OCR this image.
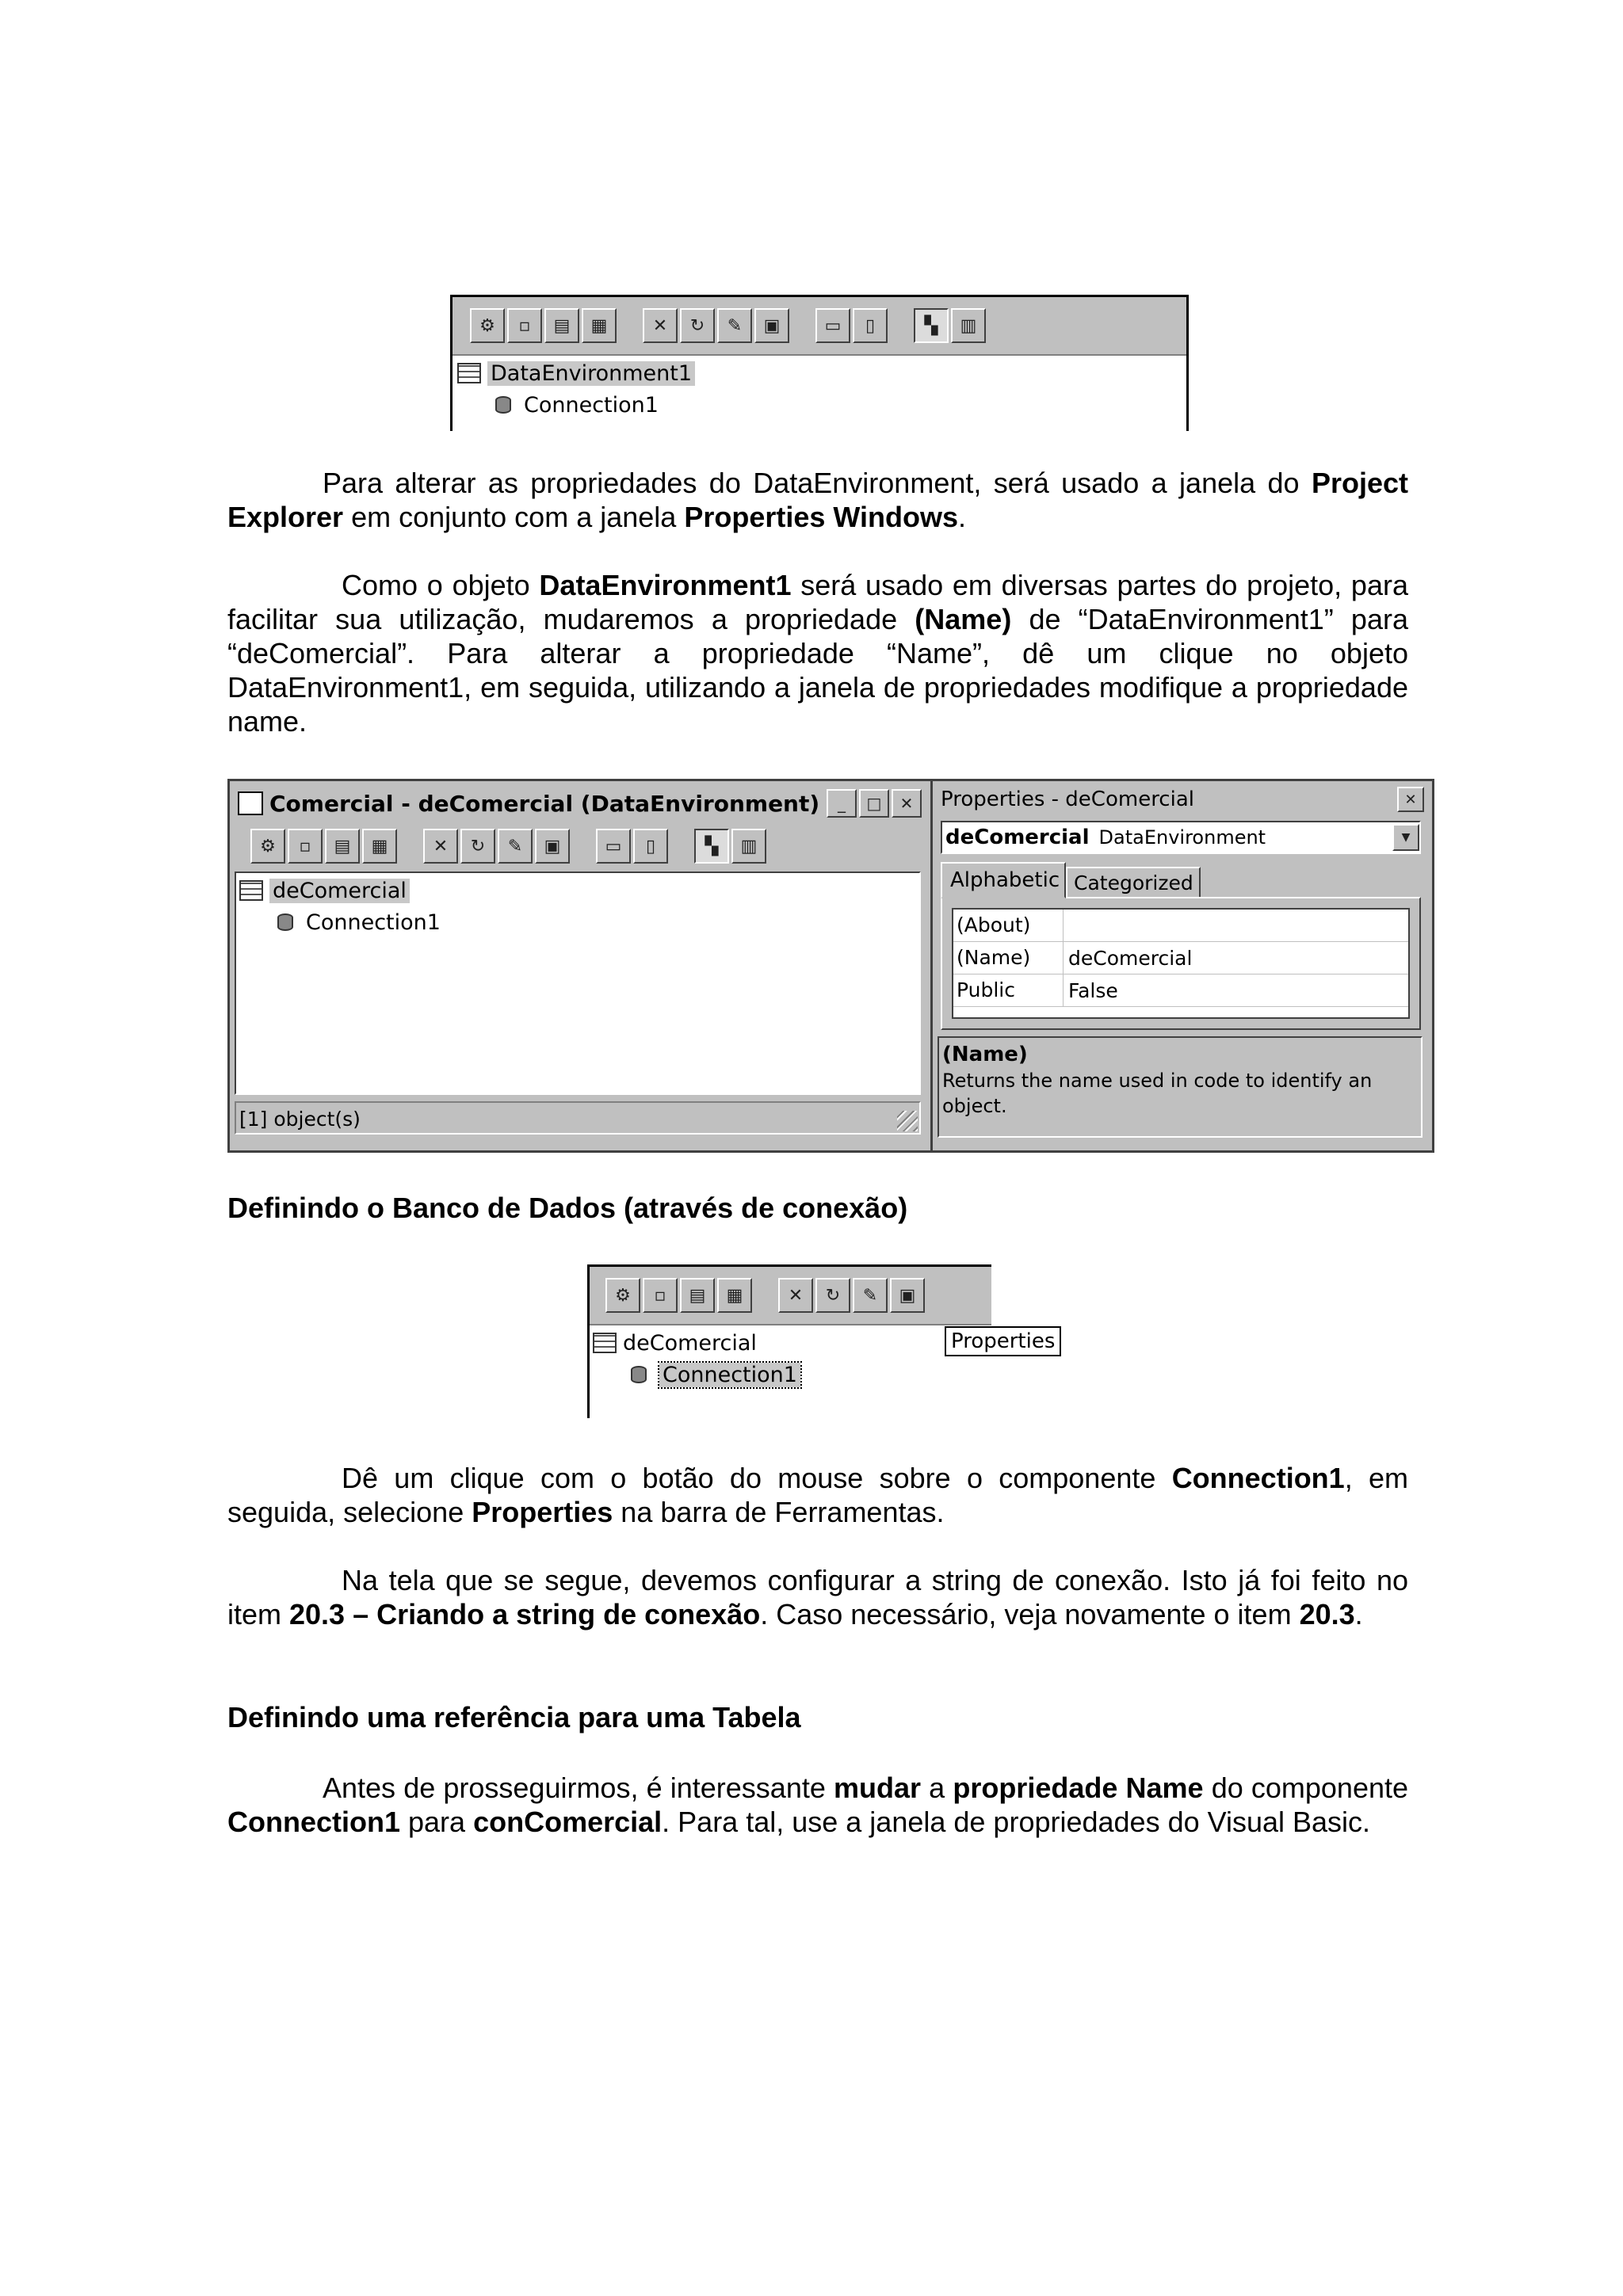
⚙	▫	▤	▦	✕	↻	✎	▣	▭	▯	▚	▥
DataEnvironment1
Connection1

Para alterar as propriedades do DataEnvironment, será usado a janela do Project Explorer em conjunto com a janela Properties Windows.

Como o objeto DataEnvironment1 será usado em diversas partes do projeto, para facilitar sua utilização, mudaremos a propriedade (Name) de “DataEnvironment1” para “deComercial”. Para alterar a propriedade “Name”, dê um clique no objeto DataEnvironment1, em seguida, utilizando a janela de propriedades modifique a propriedade name.

Comercial - deComercial (DataEnvironment)	_	□	✕
⚙	▫	▤	▦	✕	↻	✎	▣	▭	▯	▚	▥
deComercial
Connection1
[1] object(s)
Properties - deComercial	✕
deComercial DataEnvironment	▼
Alphabetic Categorized
(About)
(Name)	deComercial
Public	False
(Name)
Returns the name used in code to identify an object.

Definindo o Banco de Dados (através de conexão)

⚙	▫	▤	▦	✕	↻	✎	▣
deComercial
Connection1
Properties

Dê um clique com o botão do mouse sobre o componente Connection1, em seguida, selecione Properties na barra de Ferramentas.

Na tela que se segue, devemos configurar a string de conexão. Isto já foi feito no item 20.3 – Criando a string de conexão. Caso necessário, veja novamente o item 20.3.

Definindo uma referência para uma Tabela

Antes de prosseguirmos, é interessante mudar a propriedade Name do componente Connection1 para conComercial. Para tal, use a janela de propriedades do Visual Basic.
